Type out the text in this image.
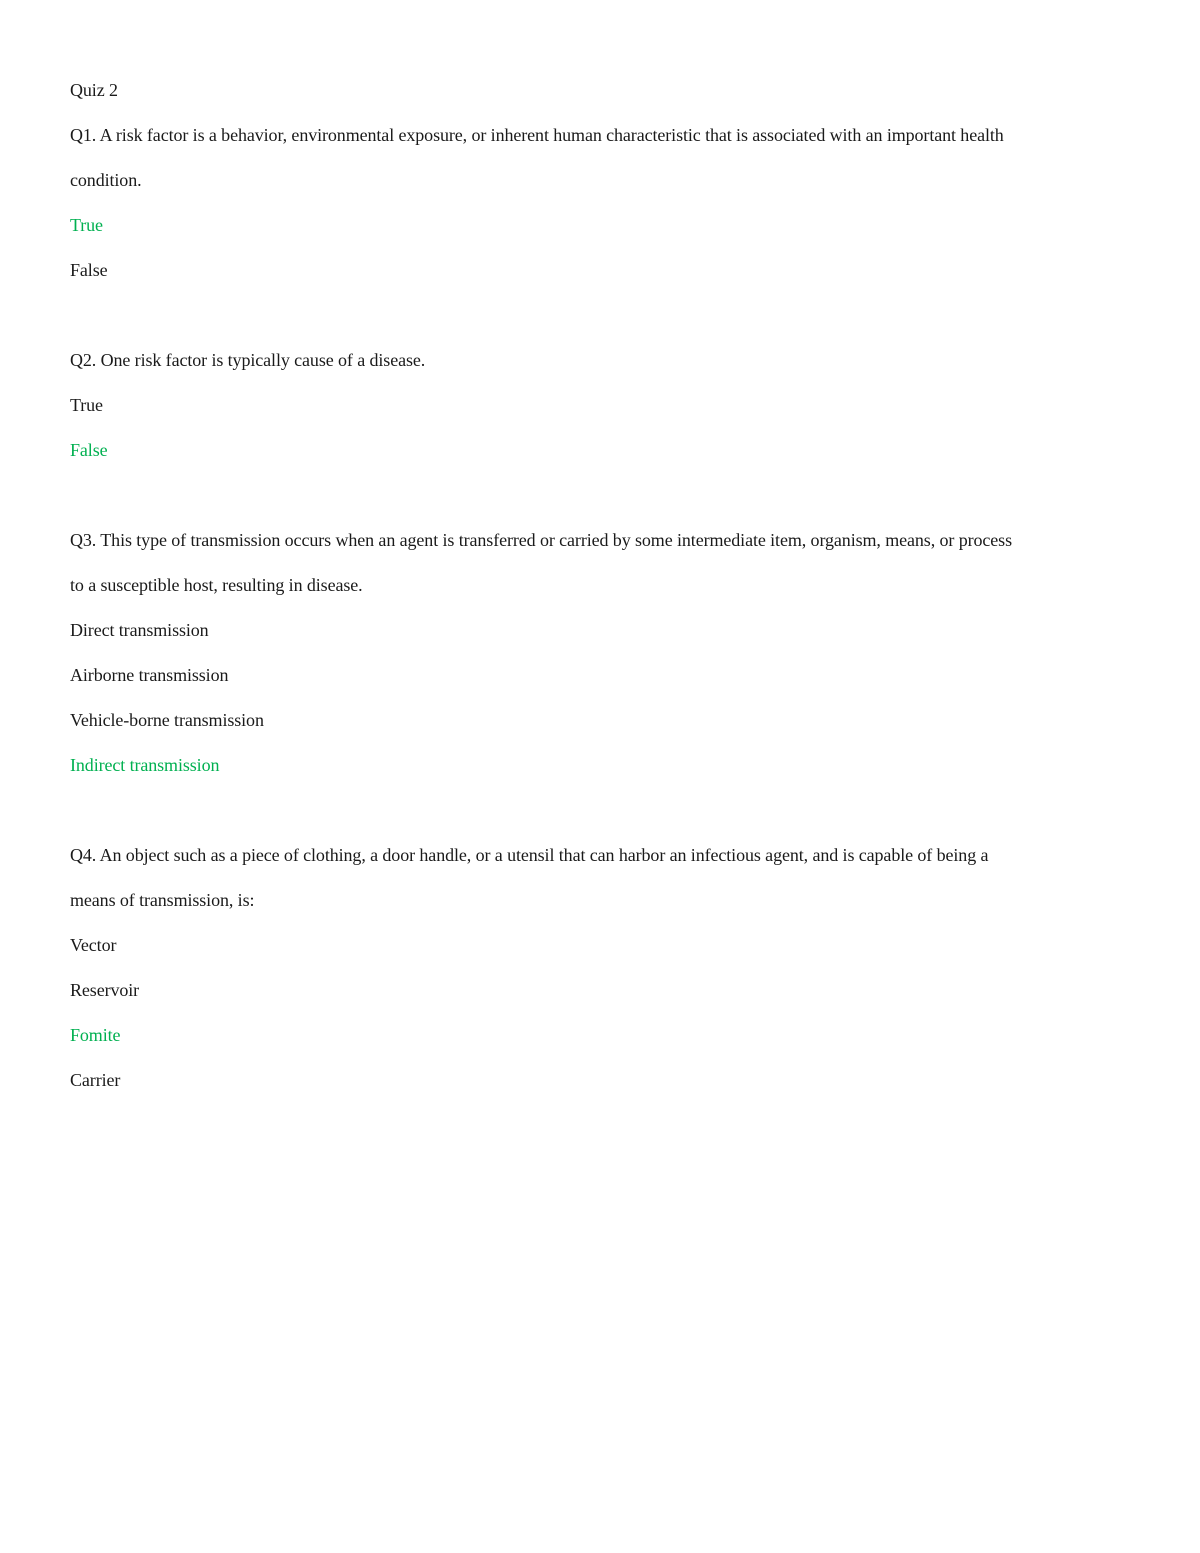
Quiz 2
Q1. A risk factor is a behavior, environmental exposure, or inherent human characteristic that is associated with an important health
condition.
True
False
Q2. One risk factor is typically cause of a disease.
True
False
Q3. This type of transmission occurs when an agent is transferred or carried by some intermediate item, organism, means, or process
to a susceptible host, resulting in disease.
Direct transmission
Airborne transmission
Vehicle-borne transmission
Indirect transmission
Q4. An object such as a piece of clothing, a door handle, or a utensil that can harbor an infectious agent, and is capable of being a
means of transmission, is:
Vector
Reservoir
Fomite
Carrier
